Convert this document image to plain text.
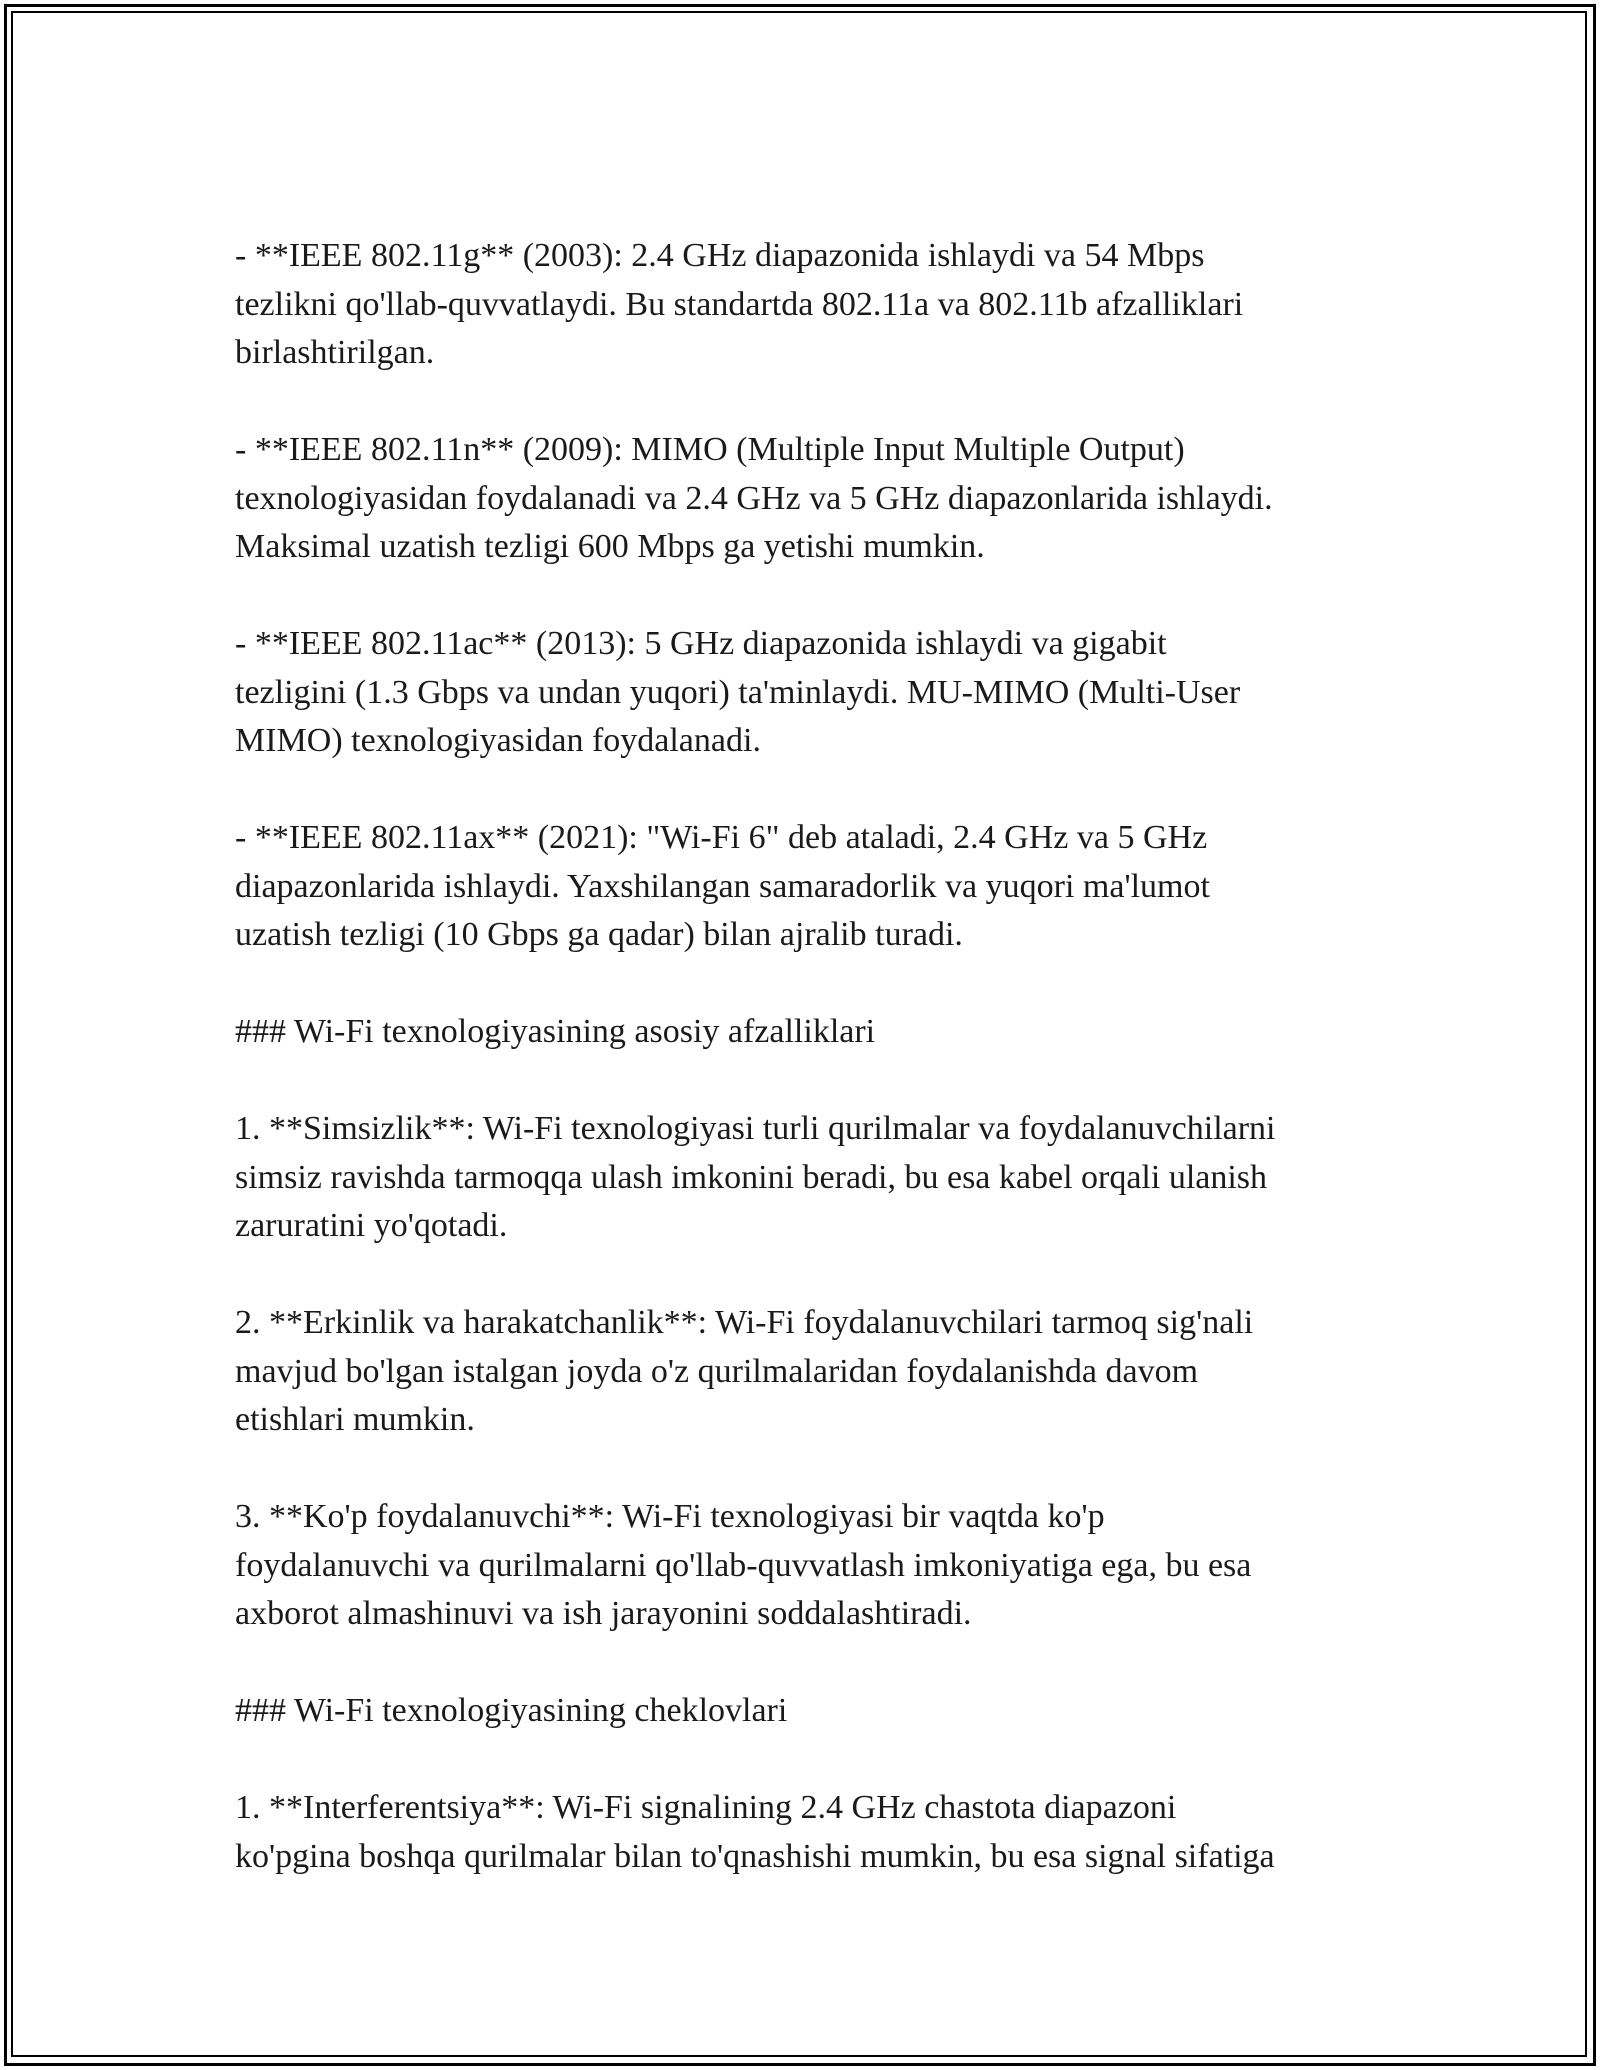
- **IEEE 802.11g** (2003): 2.4 GHz diapazonida ishlaydi va 54 Mbps
tezlikni qo'llab-quvvatlaydi. Bu standartda 802.11a va 802.11b afzalliklari
birlashtirilgan.

- **IEEE 802.11n** (2009): MIMO (Multiple Input Multiple Output)
texnologiyasidan foydalanadi va 2.4 GHz va 5 GHz diapazonlarida ishlaydi.
Maksimal uzatish tezligi 600 Mbps ga yetishi mumkin.

- **IEEE 802.11ac** (2013): 5 GHz diapazonida ishlaydi va gigabit
tezligini (1.3 Gbps va undan yuqori) ta'minlaydi. MU-MIMO (Multi-User
MIMO) texnologiyasidan foydalanadi.

- **IEEE 802.11ax** (2021): "Wi-Fi 6" deb ataladi, 2.4 GHz va 5 GHz
diapazonlarida ishlaydi. Yaxshilangan samaradorlik va yuqori ma'lumot
uzatish tezligi (10 Gbps ga qadar) bilan ajralib turadi.

### Wi-Fi texnologiyasining asosiy afzalliklari

1. **Simsizlik**: Wi-Fi texnologiyasi turli qurilmalar va foydalanuvchilarni
simsiz ravishda tarmoqqa ulash imkonini beradi, bu esa kabel orqali ulanish
zaruratini yo'qotadi.

2. **Erkinlik va harakatchanlik**: Wi-Fi foydalanuvchilari tarmoq sig'nali
mavjud bo'lgan istalgan joyda o'z qurilmalaridan foydalanishda davom
etishlari mumkin.

3. **Ko'p foydalanuvchi**: Wi-Fi texnologiyasi bir vaqtda ko'p
foydalanuvchi va qurilmalarni qo'llab-quvvatlash imkoniyatiga ega, bu esa
axborot almashinuvi va ish jarayonini soddalashtiradi.

### Wi-Fi texnologiyasining cheklovlari

1. **Interferentsiya**: Wi-Fi signalining 2.4 GHz chastota diapazoni
ko'pgina boshqa qurilmalar bilan to'qnashishi mumkin, bu esa signal sifatiga
